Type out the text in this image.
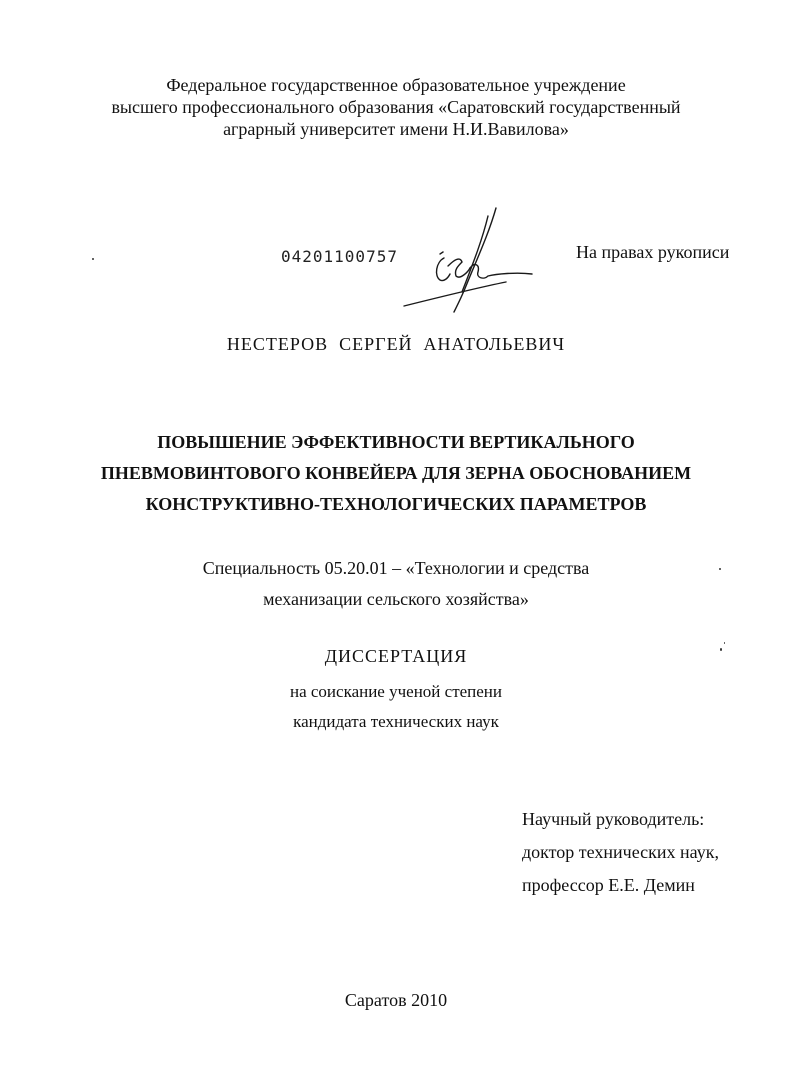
Федеральное государственное образовательное учреждение
высшего профессионального образования «Саратовский государственный
аграрный университет имени Н.И.Вавилова»
04201100757	На правах рукописи
НЕСТЕРОВ  СЕРГЕЙ  АНАТОЛЬЕВИЧ
ПОВЫШЕНИЕ ЭФФЕКТИВНОСТИ ВЕРТИКАЛЬНОГО
ПНЕВМОВИНТОВОГО КОНВЕЙЕРА ДЛЯ ЗЕРНА ОБОСНОВАНИЕМ
КОНСТРУКТИВНО-ТЕХНОЛОГИЧЕСКИХ ПАРАМЕТРОВ
Специальность 05.20.01 – «Технологии и средства
механизации сельского хозяйства»
ДИССЕРТАЦИЯ
на соискание ученой степени
кандидата технических наук
Научный руководитель:
доктор технических наук,
профессор Е.Е. Демин
Саратов 2010
